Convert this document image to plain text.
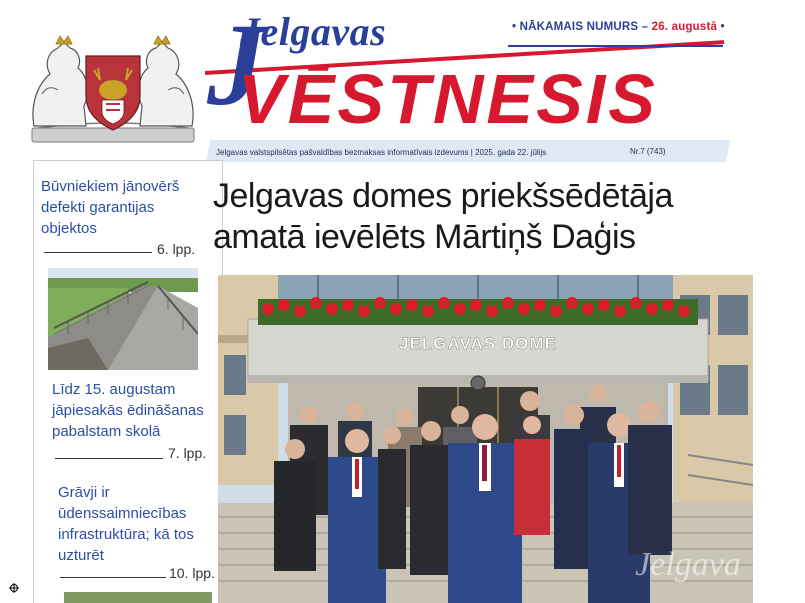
J
Jelgavas
VĒSTNESIS
• NĀKAMAIS NUMURS – 26. augustā •
Jelgavas valstspilsētas pašvaldības bezmaksas informatīvais izdevums | 2025. gada 22. jūlijs	Nr.7 (743)
Būvniekiem jānovērš defekti garantijas objektos
6. lpp.
Līdz 15. augustam jāpiesakās ēdināšanas pabalstam skolā
7. lpp.
Grāvji ir ūdenssaimniecības infrastruktūra; kā tos uzturēt
10. lpp.
Jelgavas domes priekšsēdētāja amatā ievēlēts Mārtiņš Daģis
JELGAVAS DOME
Jelgava
